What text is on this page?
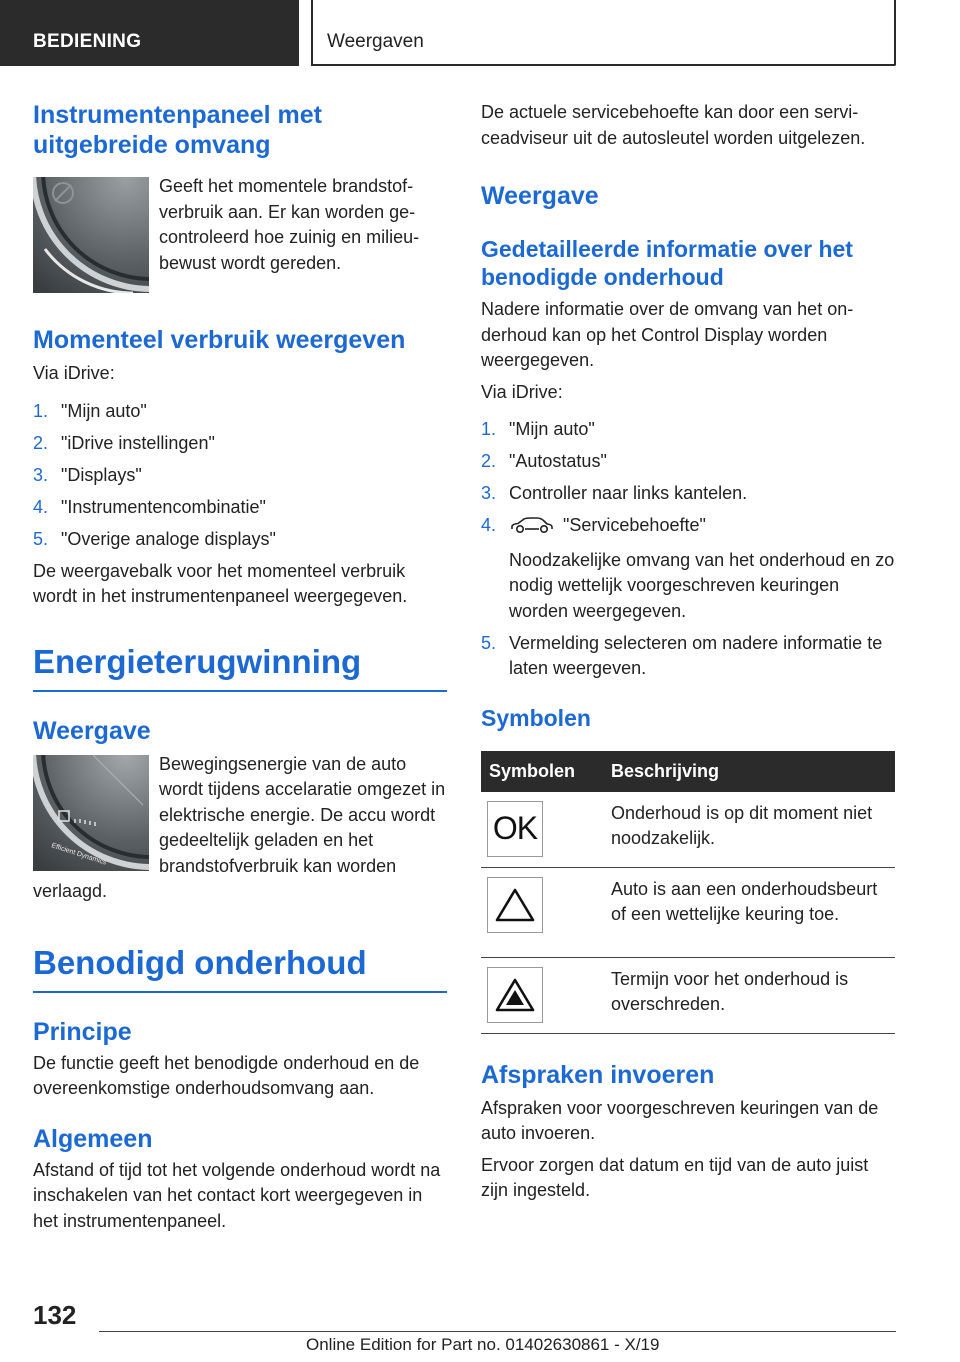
BEDIENING	Weergaven
Instrumentenpaneel met
uitgebreide omvang
Geeft het momentele brandstofverbruik aan. Er kan worden gecontroleerd hoe zuinig en milieubewust wordt gereden.
Momenteel verbruik weergeven
Via iDrive:
1. "Mijn auto"
2. "iDrive instellingen"
3. "Displays"
4. "Instrumentencombinatie"
5. "Overige analoge displays"
De weergavebalk voor het momenteel verbruik wordt in het instrumentenpaneel weergegeven.
Energieterugwinning
Weergave
Efficient Dynamics
Bewegingsenergie van de auto wordt tijdens accelaratie omgezet in elektrische energie. De accu wordt gedeeltelijk geladen en het brandstofverbruik kan worden verlaagd.
Benodigd onderhoud
Principe
De functie geeft het benodigde onderhoud en de overeenkomstige onderhoudsomvang aan.
Algemeen
Afstand of tijd tot het volgende onderhoud wordt na inschakelen van het contact kort weergegeven in het instrumentenpaneel.
De actuele servicebehoefte kan door een serviceadviseur uit de autosleutel worden uitgelezen.
Weergave
Gedetailleerde informatie over het benodigde onderhoud
Nadere informatie over de omvang van het onderhoud kan op het Control Display worden weergegeven.
Via iDrive:
1. "Mijn auto"
2. "Autostatus"
3. Controller naar links kantelen.
4.	"Servicebehoefte"
Noodzakelijke omvang van het onderhoud en zo nodig wettelijk voorgeschreven keuringen worden weergegeven.
5. Vermelding selecteren om nadere informatie te laten weergeven.
Symbolen
Symbolen	Beschrijving

OK	Onderhoud is op dit moment niet noodzakelijk.

	Auto is aan een onderhoudsbeurt of een wettelijke keuring toe.

	Termijn voor het onderhoud is overschreden.
Afspraken invoeren
Afspraken voor voorgeschreven keuringen van de auto invoeren.
Ervoor zorgen dat datum en tijd van de auto juist zijn ingesteld.
132
Online Edition for Part no. 01402630861 - X/19
